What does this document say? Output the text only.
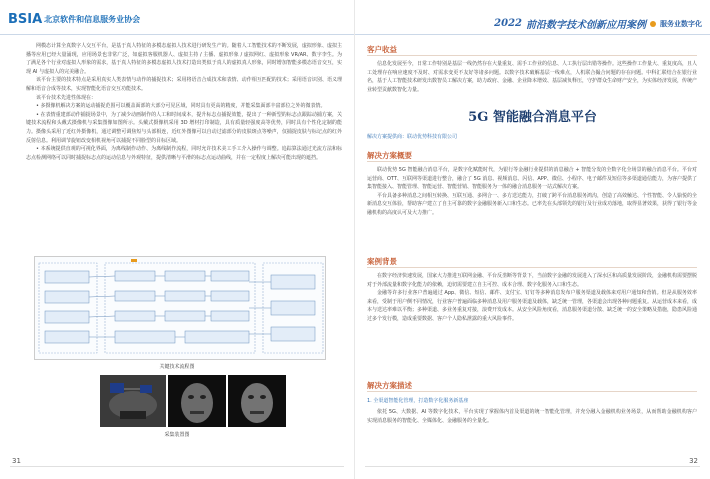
BSIA 北京软件和信息服务业协会

网模态计算全真数字人交互平台，是基于真人特征的多模态虚拟人技术进行研发生产的。随着人工智能技术的不断发展，虚拟形象、虚拟主播等应用已经大量涌现，应用场景也非常广泛，如虚拟客服机器人、虚拟主持 / 主播、虚拟形象 / 虚拟网红、虚拟形象 VR/AR、数字李生。为了满足各个行业对虚拟人形象的需求，基于真人特征的多模态虚拟人技术打造出类似于真人的虚拟真人形象，同时增加智能多模态语音交互，实现 AI 与虚拟人的完美融合。

该平台主要的技术特点是采用真实人类表情与动作的捕捉技术；采用将语音合成技术和表情、动作相互匹配的技术；采用语音识别、语义理解和语音合成等技术，实现智能化语音交互功能技术。

该平台技术先进性体现在：

• 多摄像机解决方案的运动捕捉范围可以覆盖面部的大部分可见区域，同时具有更高的精度，并能采集面部丰富部位之外的微表情。

• 在表情重建部动作捕捉场景中，为了减少动画制作的人工和时间成本，提升标志点捕捉效能，提出了一种新型的标志点跟踪动捕方案，关键技术流程和头戴式摄像机与采集图像如图所示。头戴式摄像机采用 3D 增材打印制造，具有质量轻强度高等优势，同时具有个性化定制的能力。摄像头采用了近红外摄像机，通过调整可调焦短与头部相连，近红外图像可以自动过滤部分的皮肤斑点等噪声，仅捕捉皮肤与标记点的红外反射信息。利用调节旋钮改变相机视角可以捕捉不同脸型的目标区域。

• 本系统提供直观的可视化界面，为离线制作动作、为离线制作流程，同时允许技术美工手工介入操作与调整。追踪算法通过光流方法和标志点检测网络可以同时捕捉标志点的运动信息与外观特征，提供清晰与平滑的标志点运动曲线，并在一定程度上解决可能出现的遮挡。

关键技术流程图
采集装置图
31
2022 前沿数字技术创新应用案例 服务业数字化
客户收益

信息化发展至今，日常工作特别是基层一线仍然存在大量重复、需手工作业的信息、人工执行层出错等操作。这些操作工作量大、重复度高，且人工处理存在响应速度不及时、对需求变更不友好等诸多问题。以数字技术破解基层一线难点，人机联合撮合问题的存在问题。中科汇联结合在银行业名，基于人工智能技术研发出数智员工解决方案，助力政府、金融、企业降本增效、基层减负释压，守护群众生命财产安全，为实体经济发展，传统产业转型贡献数智化力量。

5G 智能融合消息平台
解决方案提供商：联动优势科技有限公司
解决方案概要

联动优势 5G 智能融合消息平台，是数字化赋能时代，为银行等金融行业提供的消息融合 + 智能分发的全数字化全场景的融合消息平台。平台对运营商、OTT、互联网等渠道进行整合，融合了 5G 消息、视频消息、闪信、APP、微信、小程序、电子邮件及短信等多渠道通信能力，为客户提供了集智能接入、智能管理、智能运营、智能营销、智能服务为一体的融合消息服务一站式解决方案。

平台具备多种消息之间相互转换、互联互通、多网合一、多方送达能力，打破了跨平台消息服务鸿沟，创造了高效触达、个性智能、令人愉悦的全新消息交互体验，帮助客户建立了自主可靠的数字金融服务新入口和生态。已率先在头部领先的银行及行业成功落地，取得显著效果，获得了银行等金融机构的高度认可及大力推广。

案例背景

在数字经济快速发展，国家大力推进互联网金融、平台反垄断等背景下，当前数字金融的发展进入了深水区和高质量发展阶段，金融机构需要摆脱对于外部流量和数字化能力的依赖，迫切需要建立自主可控、成本合理、数字化服务入口和生态。

金融等许多行业客户普遍通过 App、微信、短信、邮件、支付宝、钉钉等多种消息发布户服务渠道及载体来对用户通知和营销。但是从服务效率来看，受制于用户侧不同情况，行业客户普遍面临多种消息及用户服务渠道及载体，缺乏统一管理，各渠道会出现各种问题重复。从运营成本来看，成本与送达率难以平衡；多种渠道、多业务重复对接，浪费开发成本。从安全风险角度看，消息服务渠道分散、缺乏统一的安全策略及措施，隐患风险通过多个发行模，造成重要数据、客户个人隐私泄露的重大风险事件。

解决方案描述
1. 全渠道智能化管理，打造数字化服务新基座

依托 5G、大数据、AI 等数字化技术，平台实现了掌握体内首及渠道的统一智能化管理，并充分融入金融机构业务场景，从而帮助金融机构客户实现消息服务的智能化、全媒体化、金融服务的全量化。

32
